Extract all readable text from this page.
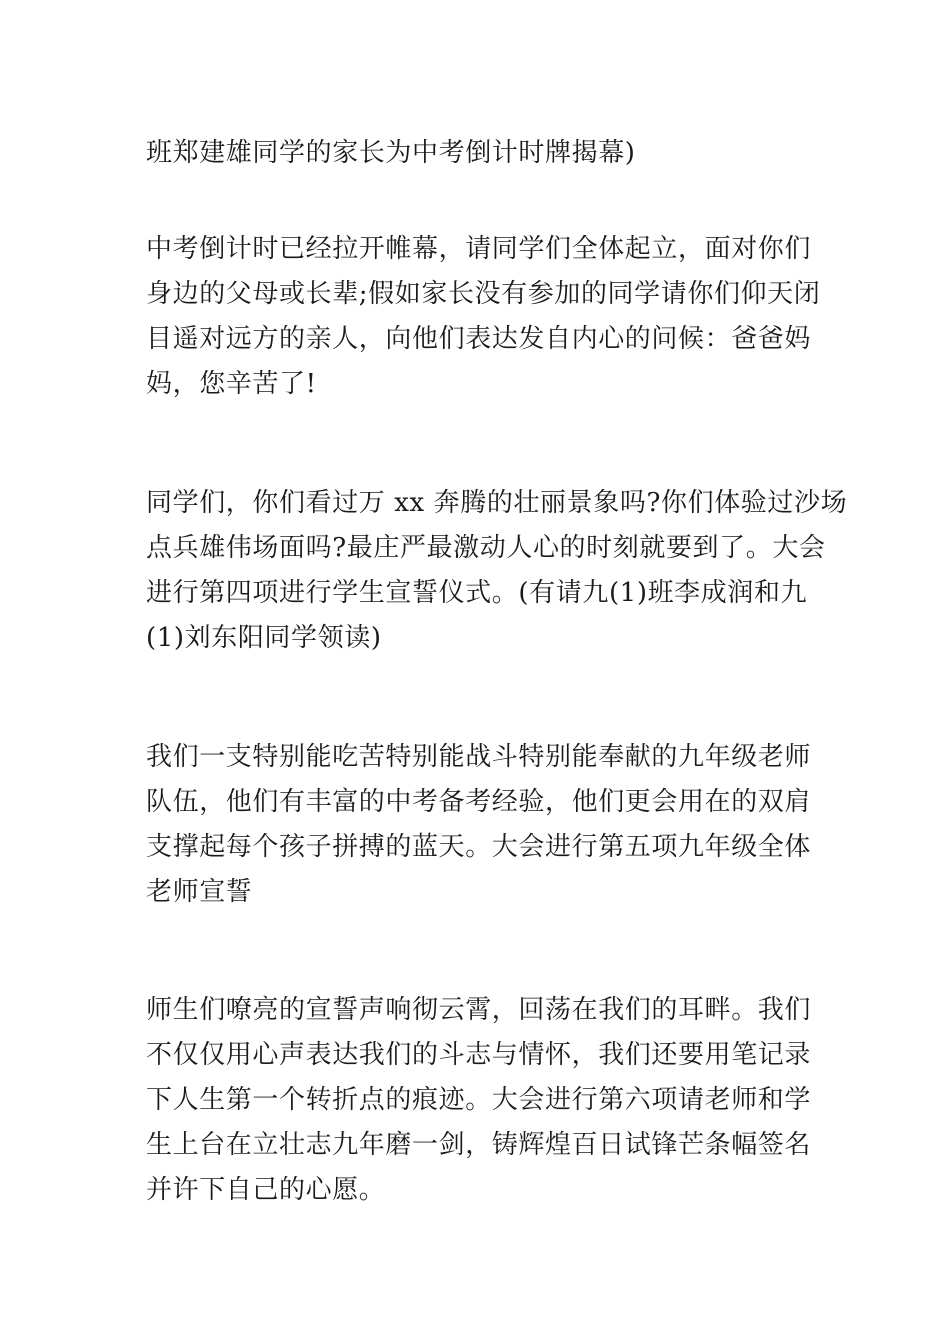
班郑建雄同学的家长为中考倒计时牌揭幕)

中考倒计时已经拉开帷幕，请同学们全体起立，面对你们
身边的父母或长辈;假如家长没有参加的同学请你们仰天闭
目遥对远方的亲人，向他们表达发自内心的问候：爸爸妈
妈，您辛苦了!

同学们，你们看过万 xx 奔腾的壮丽景象吗?你们体验过沙场
点兵雄伟场面吗?最庄严最激动人心的时刻就要到了。大会
进行第四项进行学生宣誓仪式。(有请九(1)班李成润和九
(1)刘东阳同学领读)

我们一支特别能吃苦特别能战斗特别能奉献的九年级老师
队伍，他们有丰富的中考备考经验，他们更会用在的双肩
支撑起每个孩子拼搏的蓝天。大会进行第五项九年级全体
老师宣誓

师生们嘹亮的宣誓声响彻云霄，回荡在我们的耳畔。我们
不仅仅用心声表达我们的斗志与情怀，我们还要用笔记录
下人生第一个转折点的痕迹。大会进行第六项请老师和学
生上台在立壮志九年磨一剑，铸辉煌百日试锋芒条幅签名
并许下自己的心愿。
